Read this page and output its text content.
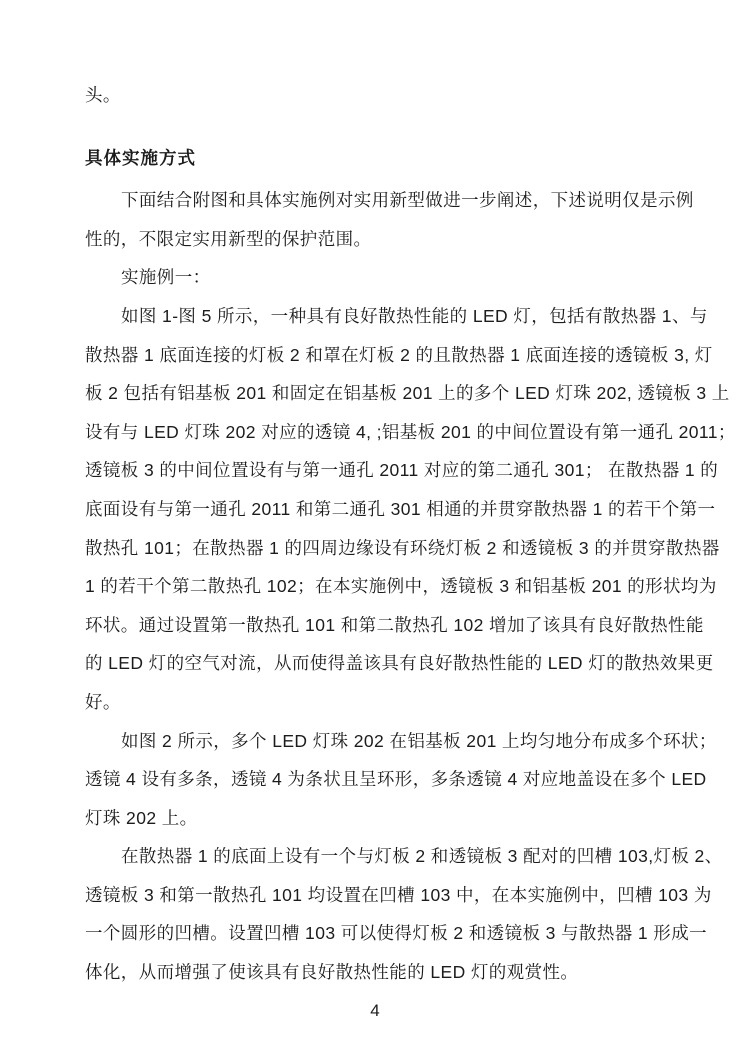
头。
具体实施方式
下面结合附图和具体实施例对实用新型做进一步阐述，下述说明仅是示例
性的，不限定实用新型的保护范围。
实施例一：
如图 1-图 5 所示，一种具有良好散热性能的 LED 灯，包括有散热器 1、与
散热器 1 底面连接的灯板 2 和罩在灯板 2 的且散热器 1 底面连接的透镜板 3, 灯
板 2 包括有铝基板 201 和固定在铝基板 201 上的多个 LED 灯珠 202, 透镜板 3 上
设有与 LED 灯珠 202 对应的透镜 4, ;铝基板 201 的中间位置设有第一通孔 2011；
透镜板 3 的中间位置设有与第一通孔 2011 对应的第二通孔 301； 在散热器 1 的
底面设有与第一通孔 2011 和第二通孔 301 相通的并贯穿散热器 1 的若干个第一
散热孔 101；在散热器 1 的四周边缘设有环绕灯板 2 和透镜板 3 的并贯穿散热器
1 的若干个第二散热孔 102；在本实施例中，透镜板 3 和铝基板 201 的形状均为
环状。通过设置第一散热孔 101 和第二散热孔 102 增加了该具有良好散热性能
的 LED 灯的空气对流，从而使得盖该具有良好散热性能的 LED 灯的散热效果更
好。
如图 2 所示，多个 LED 灯珠 202 在铝基板 201 上均匀地分布成多个环状；
透镜 4 设有多条，透镜 4 为条状且呈环形，多条透镜 4 对应地盖设在多个 LED
灯珠 202 上。
在散热器 1 的底面上设有一个与灯板 2 和透镜板 3 配对的凹槽 103,灯板 2、
透镜板 3 和第一散热孔 101 均设置在凹槽 103 中，在本实施例中，凹槽 103 为
一个圆形的凹槽。设置凹槽 103 可以使得灯板 2 和透镜板 3 与散热器 1 形成一
体化，从而增强了使该具有良好散热性能的 LED 灯的观赏性。
4
